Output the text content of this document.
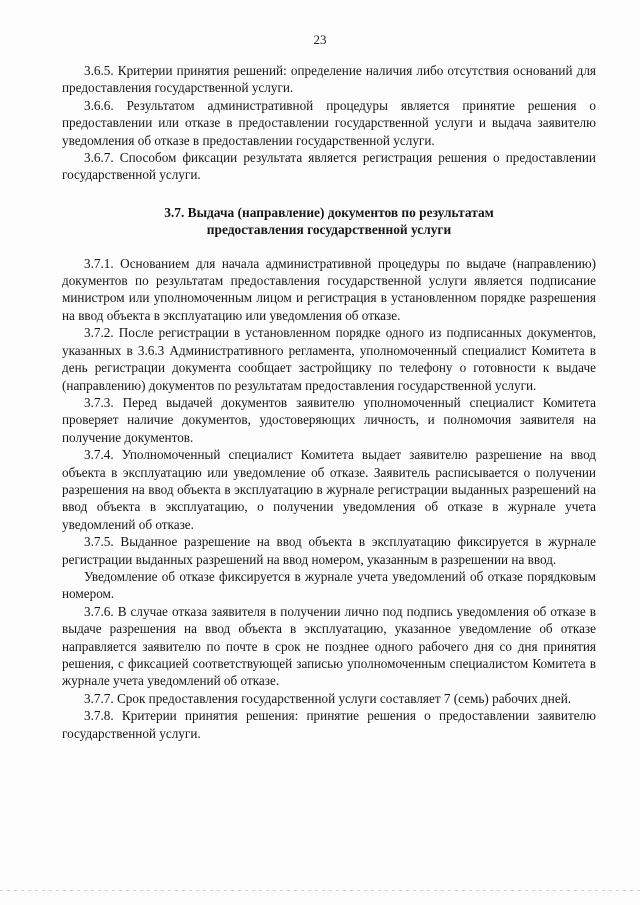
23

3.6.5. Критерии принятия решений: определение наличия либо отсутствия оснований для предоставления государственной услуги.

3.6.6. Результатом административной процедуры является принятие решения о предоставлении или отказе в предоставлении государственной услуги и выдача заявителю уведомления об отказе в предоставлении государственной услуги.

3.6.7. Способом фиксации результата является регистрация решения о предоставлении государственной услуги.

3.7. Выдача (направление) документов по результатам
предоставления государственной услуги

3.7.1. Основанием для начала административной процедуры по выдаче (направлению) документов по результатам предоставления государственной услуги является подписание министром или уполномоченным лицом и регистрация в установленном порядке разрешения на ввод объекта в эксплуатацию или уведомления об отказе.

3.7.2. После регистрации в установленном порядке одного из подписанных документов, указанных в 3.6.3 Административного регламента, уполномоченный специалист Комитета в день регистрации документа сообщает застройщику по телефону о готовности к выдаче (направлению) документов по результатам предоставления государственной услуги.

3.7.3. Перед выдачей документов заявителю уполномоченный специалист Комитета проверяет наличие документов, удостоверяющих личность, и полномочия заявителя на получение документов.

3.7.4. Уполномоченный специалист Комитета выдает заявителю разрешение на ввод объекта в эксплуатацию или уведомление об отказе. Заявитель расписывается о получении разрешения на ввод объекта в эксплуатацию в журнале регистрации выданных разрешений на ввод объекта в эксплуатацию, о получении уведомления об отказе в журнале учета уведомлений об отказе.

3.7.5. Выданное разрешение на ввод объекта в эксплуатацию фиксируется в журнале регистрации выданных разрешений на ввод номером, указанным в разрешении на ввод.

Уведомление об отказе фиксируется в журнале учета уведомлений об отказе порядковым номером.

3.7.6. В случае отказа заявителя в получении лично под подпись уведомления об отказе в выдаче разрешения на ввод объекта в эксплуатацию, указанное уведомление об отказе направляется заявителю по почте в срок не позднее одного рабочего дня со дня принятия решения, с фиксацией соответствующей записью уполномоченным специалистом Комитета в журнале учета уведомлений об отказе.

3.7.7. Срок предоставления государственной услуги составляет 7 (семь) рабочих дней.

3.7.8. Критерии принятия решения: принятие решения о предоставлении заявителю государственной услуги.
